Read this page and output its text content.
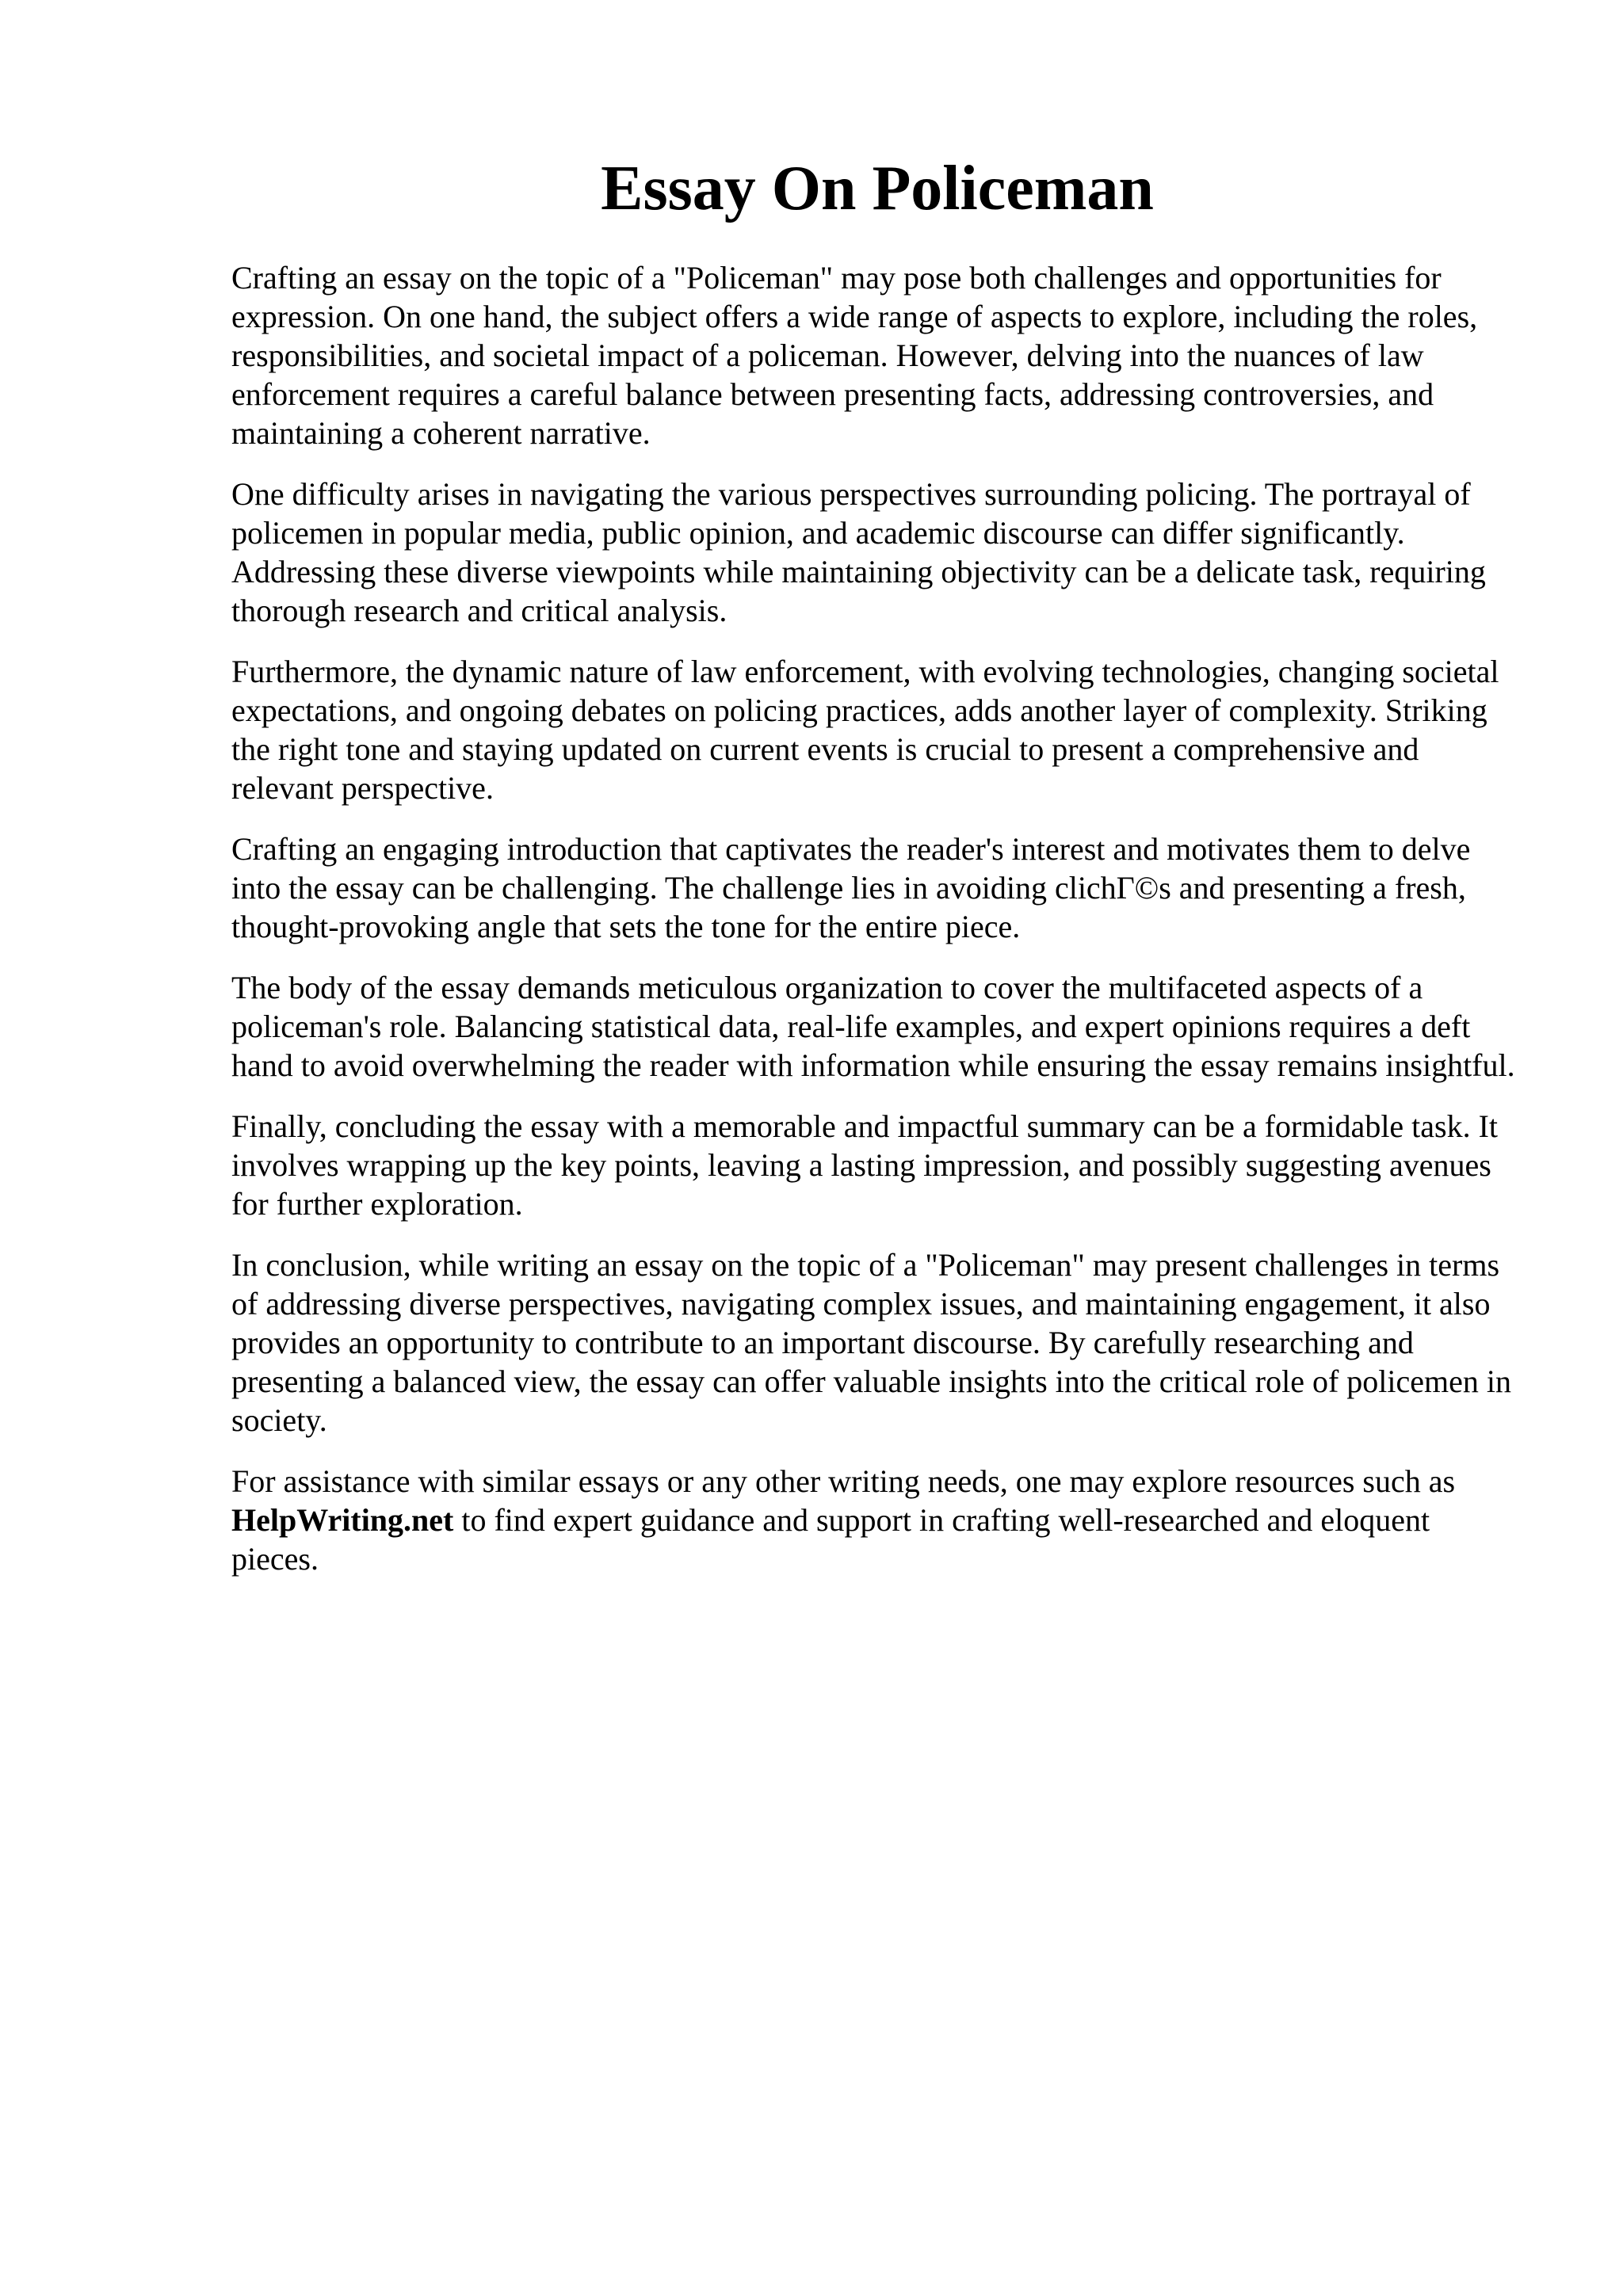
Essay On Policeman

Crafting an essay on the topic of a "Policeman" may pose both challenges and opportunities for expression. On one hand, the subject offers a wide range of aspects to explore, including the roles, responsibilities, and societal impact of a policeman. However, delving into the nuances of law enforcement requires a careful balance between presenting facts, addressing controversies, and maintaining a coherent narrative.

One difficulty arises in navigating the various perspectives surrounding policing. The portrayal of policemen in popular media, public opinion, and academic discourse can differ significantly. Addressing these diverse viewpoints while maintaining objectivity can be a delicate task, requiring thorough research and critical analysis.

Furthermore, the dynamic nature of law enforcement, with evolving technologies, changing societal expectations, and ongoing debates on policing practices, adds another layer of complexity. Striking the right tone and staying updated on current events is crucial to present a comprehensive and relevant perspective.

Crafting an engaging introduction that captivates the reader's interest and motivates them to delve into the essay can be challenging. The challenge lies in avoiding clichΓ©s and presenting a fresh, thought-provoking angle that sets the tone for the entire piece.

The body of the essay demands meticulous organization to cover the multifaceted aspects of a policeman's role. Balancing statistical data, real-life examples, and expert opinions requires a deft hand to avoid overwhelming the reader with information while ensuring the essay remains insightful.

Finally, concluding the essay with a memorable and impactful summary can be a formidable task. It involves wrapping up the key points, leaving a lasting impression, and possibly suggesting avenues for further exploration.

In conclusion, while writing an essay on the topic of a "Policeman" may present challenges in terms of addressing diverse perspectives, navigating complex issues, and maintaining engagement, it also provides an opportunity to contribute to an important discourse. By carefully researching and presenting a balanced view, the essay can offer valuable insights into the critical role of policemen in society.

For assistance with similar essays or any other writing needs, one may explore resources such as HelpWriting.net to find expert guidance and support in crafting well-researched and eloquent pieces.
